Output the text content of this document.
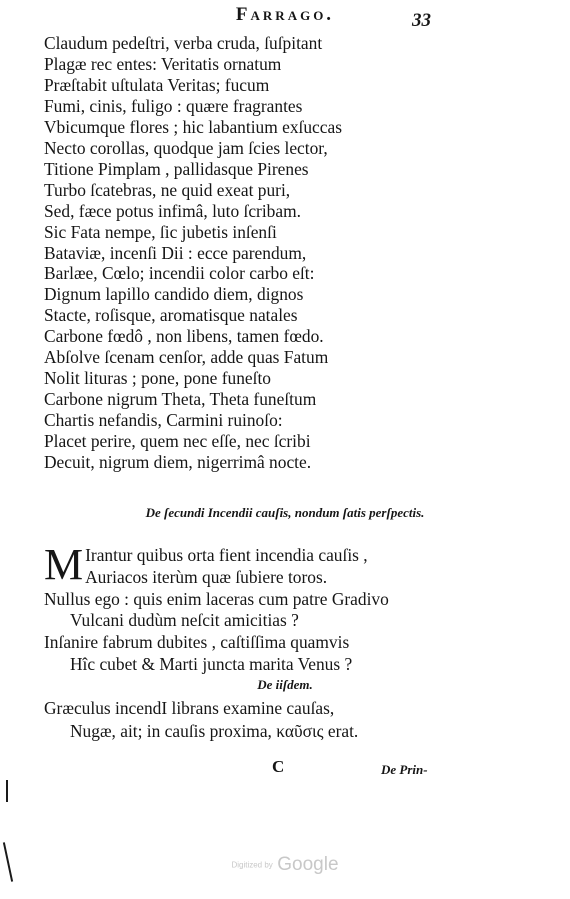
Farrago.	33
Claudum pedeſtri, verba cruda, ſuſpitant
Plagæ rec entes: Veritatis ornatum
Præſtabit uſtulata Veritas; fucum
Fumi, cinis, fuligo : quære fragrantes
Vbicumque flores ; hic labantium exſuccas
Necto corollas, quodque jam ſcies lector,
Titione Pimplam , pallidasque Pirenes
Turbo ſcatebras, ne quid exeat puri,
Sed, fæce potus infimâ, luto ſcribam.
Sic Fata nempe, ſic jubetis inſenſi
Bataviæ, incenſi Dii : ecce parendum,
Barlæe, Cœlo; incendii color carbo eſt:
Dignum lapillo candido diem, dignos
Stacte, roſisque, aromatisque natales
Carbone fœdô , non libens, tamen fœdo.
Abſolve ſcenam cenſor, adde quas Fatum
Nolit lituras ; pone, pone funeſto
Carbone nigrum Theta, Theta funeſtum
Chartis nefandis, Carmini ruinoſo:
Placet perire, quem nec eſſe, nec ſcribi
Decuit, nigrum diem, nigerrimâ nocte.
De ſecundi Incendii cauſis, nondum ſatis perſpectis.
M Irantur quibus orta fient incendia cauſis ,
Auriacos iterùm quæ ſubiere toros.
Nullus ego : quis enim laceras cum patre Gradivo
Vulcani dudùm neſcit amicitias ?
Inſanire fabrum dubites , caſtiſſima quamvis
Hîc cubet & Marti juncta marita Venus ?
De iiſdem.
Græculus incendI librans examine cauſas,
Nugæ, ait; in cauſis proxima, καῦσις erat.
C	De Prin-
Digitized by Google
